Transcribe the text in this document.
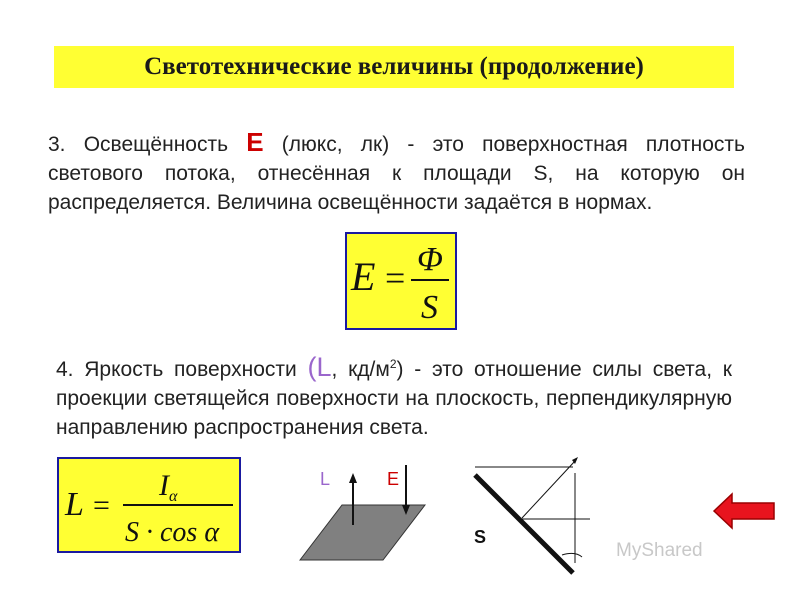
Светотехнические величины (продолжение)
3. Освещённость E (люкс, лк) - это поверхностная плотность светового потока, отнесённая к площади S, на которую он распределяется. Величина освещённости задаётся в нормах.
E = Φ
S
4. Яркость поверхности (L, $кд/м^2$) - это отношение силы света, к проекции светящейся поверхности на плоскость, перпендикулярную направлению распространения света.
L =
$I_\alpha$
S · cos α
L	E
S
MyShared
